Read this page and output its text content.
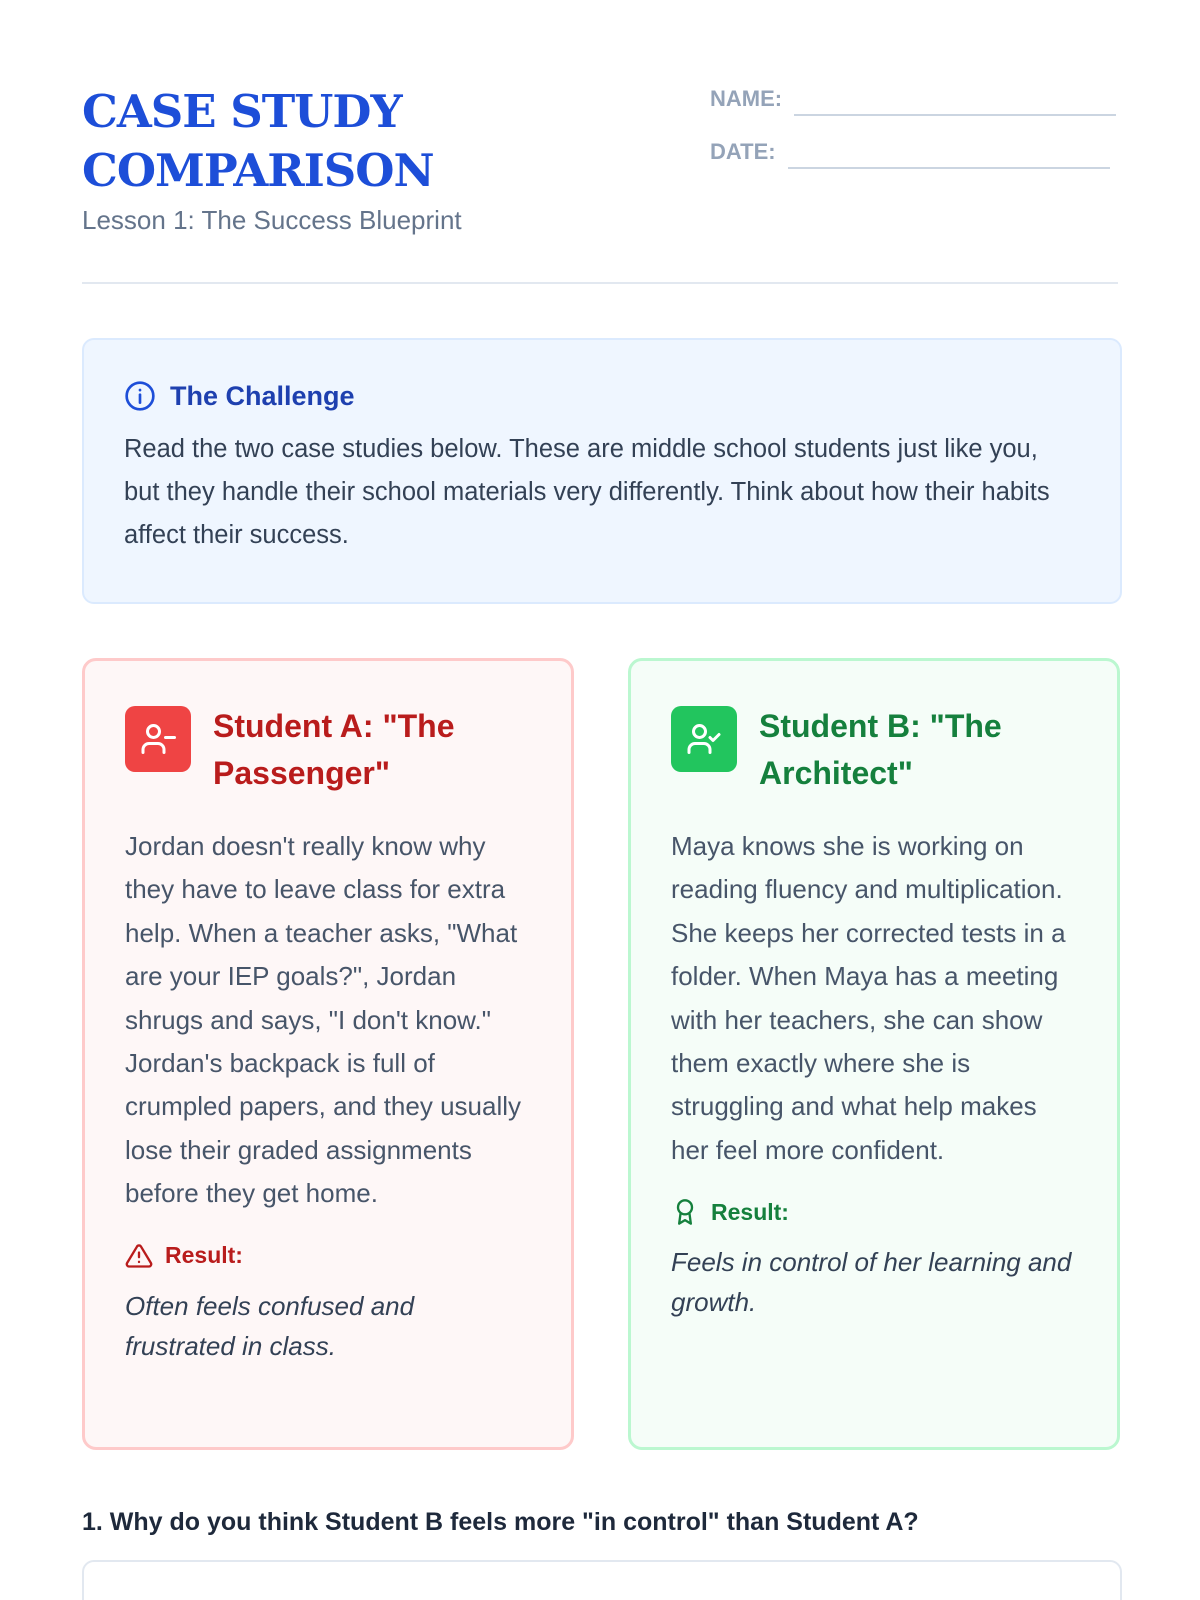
CASE STUDY
COMPARISON
Lesson 1: The Success Blueprint
NAME:
DATE:
The Challenge

Read the two case studies below. These are middle school students just like you, but they handle their school materials very differently. Think about how their habits affect their success.

Student A: "The Passenger"

Jordan doesn't really know why they have to leave class for extra help. When a teacher asks, "What are your IEP goals?", Jordan shrugs and says, "I don't know." Jordan's backpack is full of crumpled papers, and they usually lose their graded assignments before they get home.

Result:

Often feels confused and frustrated in class.

Student B: "The Architect"

Maya knows she is working on reading fluency and multiplication. She keeps her corrected tests in a folder. When Maya has a meeting with her teachers, she can show them exactly where she is struggling and what help makes her feel more confident.

Result:

Feels in control of her learning and growth.

1. Why do you think Student B feels more "in control" than Student A?
